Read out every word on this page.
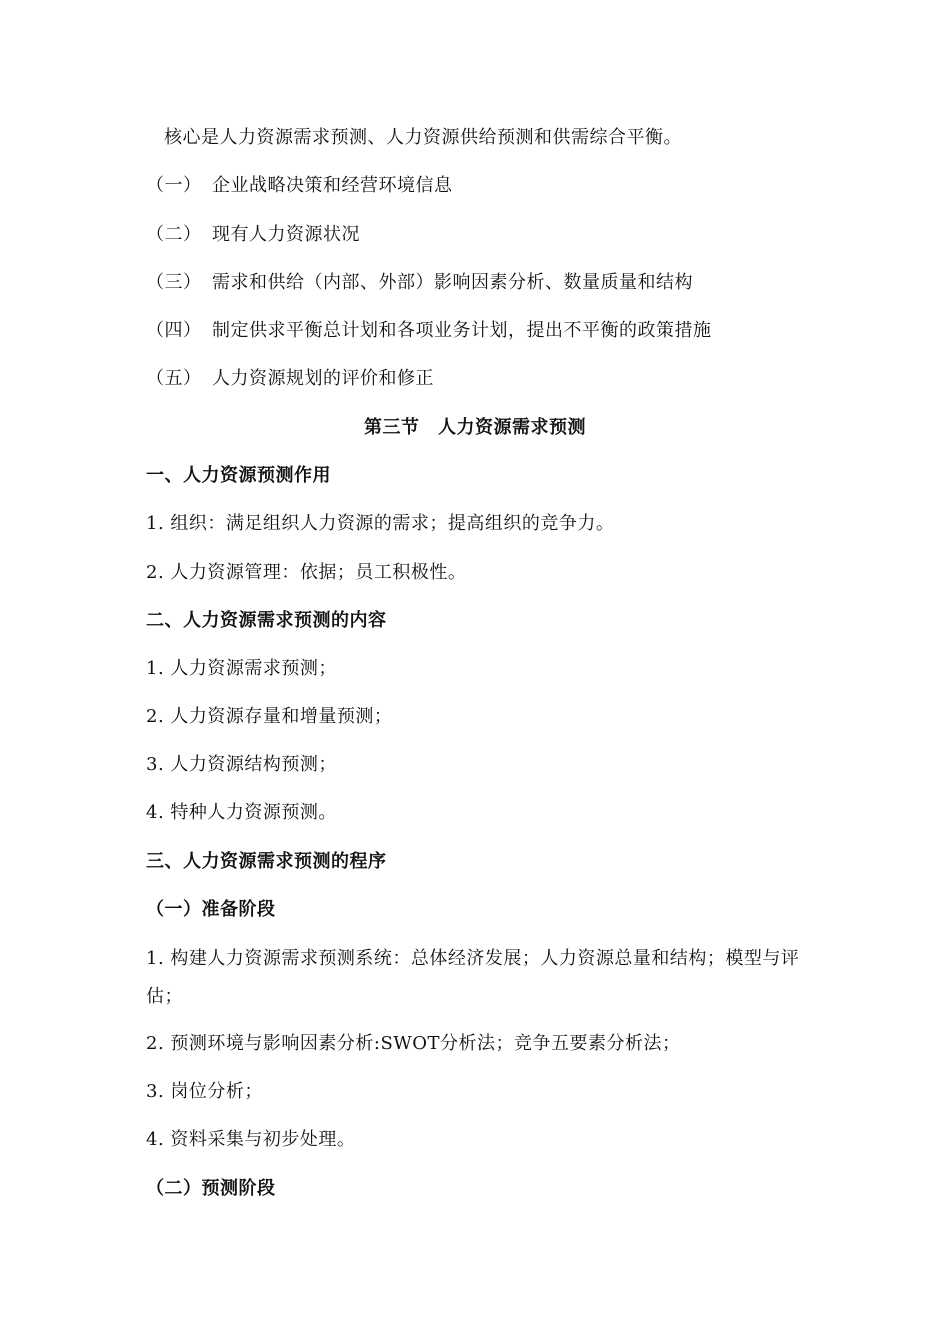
核心是人力资源需求预测、人力资源供给预测和供需综合平衡。
（一） 企业战略决策和经营环境信息
（二） 现有人力资源状况
（三） 需求和供给（内部、外部）影响因素分析、数量质量和结构
（四） 制定供求平衡总计划和各项业务计划，提出不平衡的政策措施
（五） 人力资源规划的评价和修正
第三节　人力资源需求预测
一、人力资源预测作用
1. 组织：满足组织人力资源的需求；提高组织的竞争力。
2. 人力资源管理：依据；员工积极性。
二、人力资源需求预测的内容
1. 人力资源需求预测；
2. 人力资源存量和增量预测；
3. 人力资源结构预测；
4. 特种人力资源预测。
三、人力资源需求预测的程序
（一）准备阶段
1. 构建人力资源需求预测系统：总体经济发展；人力资源总量和结构；模型与评估；
2. 预测环境与影响因素分析:SWOT分析法；竞争五要素分析法；
3. 岗位分析；
4. 资料采集与初步处理。
（二）预测阶段
